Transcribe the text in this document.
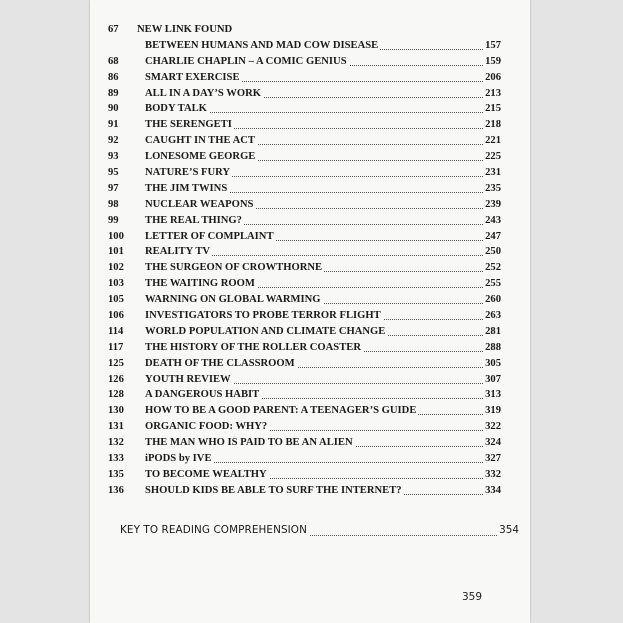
67 NEW LINK FOUND
BETWEEN HUMANS AND MAD COW DISEASE	157
68 CHARLIE CHAPLIN – A COMIC GENIUS	159
86 SMART EXERCISE	206
89 ALL IN A DAY’S WORK	213
90 BODY TALK	215
91 THE SERENGETI	218
92 CAUGHT IN THE ACT	221
93 LONESOME GEORGE	225
95 NATURE’S FURY	231
97 THE JIM TWINS	235
98 NUCLEAR WEAPONS	239
99 THE REAL THING?	243
100 LETTER OF COMPLAINT	247
101 REALITY TV	250
102 THE SURGEON OF CROWTHORNE	252
103 THE WAITING ROOM	255
105 WARNING ON GLOBAL WARMING	260
106 INVESTIGATORS TO PROBE TERROR FLIGHT	263
114 WORLD POPULATION AND CLIMATE CHANGE	281
117 THE HISTORY OF THE ROLLER COASTER	288
125 DEATH OF THE CLASSROOM	305
126 YOUTH REVIEW	307
128 A DANGEROUS HABIT	313
130 HOW TO BE A GOOD PARENT: A TEENAGER’S GUIDE	319
131 ORGANIC FOOD: WHY?	322
132 THE MAN WHO IS PAID TO BE AN ALIEN	324
133 iPODS by IVE	327
135 TO BECOME WEALTHY	332
136 SHOULD KIDS BE ABLE TO SURF THE INTERNET?	334
KEY TO READING COMPREHENSION	354
359
